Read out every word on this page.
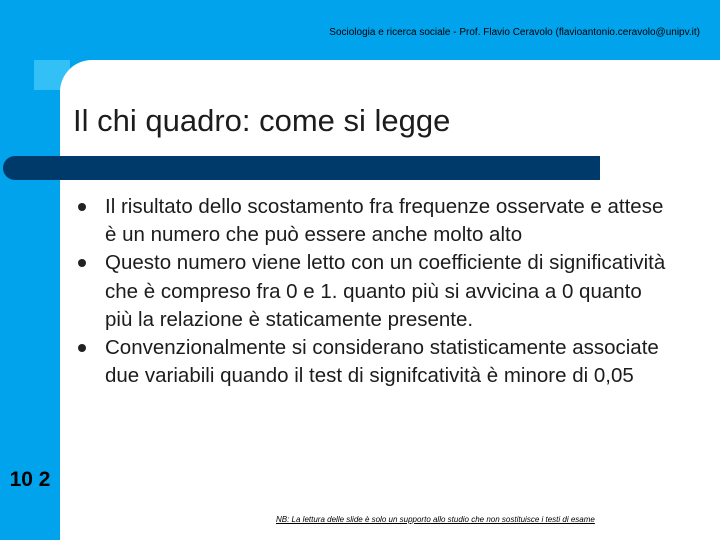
Sociologia e ricerca sociale - Prof. Flavio Ceravolo (flavioantonio.ceravolo@unipv.it)
Il chi quadro: come si legge
Il risultato dello scostamento fra frequenze osservate e attese è un numero che può essere anche molto alto
Questo numero viene letto con un coefficiente di significatività che è compreso fra 0 e 1. quanto più si avvicina a 0 quanto più la relazione è staticamente presente.
Convenzionalmente si considerano statisticamente associate due variabili quando il test di signifcatività è minore di 0,05
10 2
NB: La lettura delle slide è solo un supporto allo studio che non sostituisce i testi di esame
